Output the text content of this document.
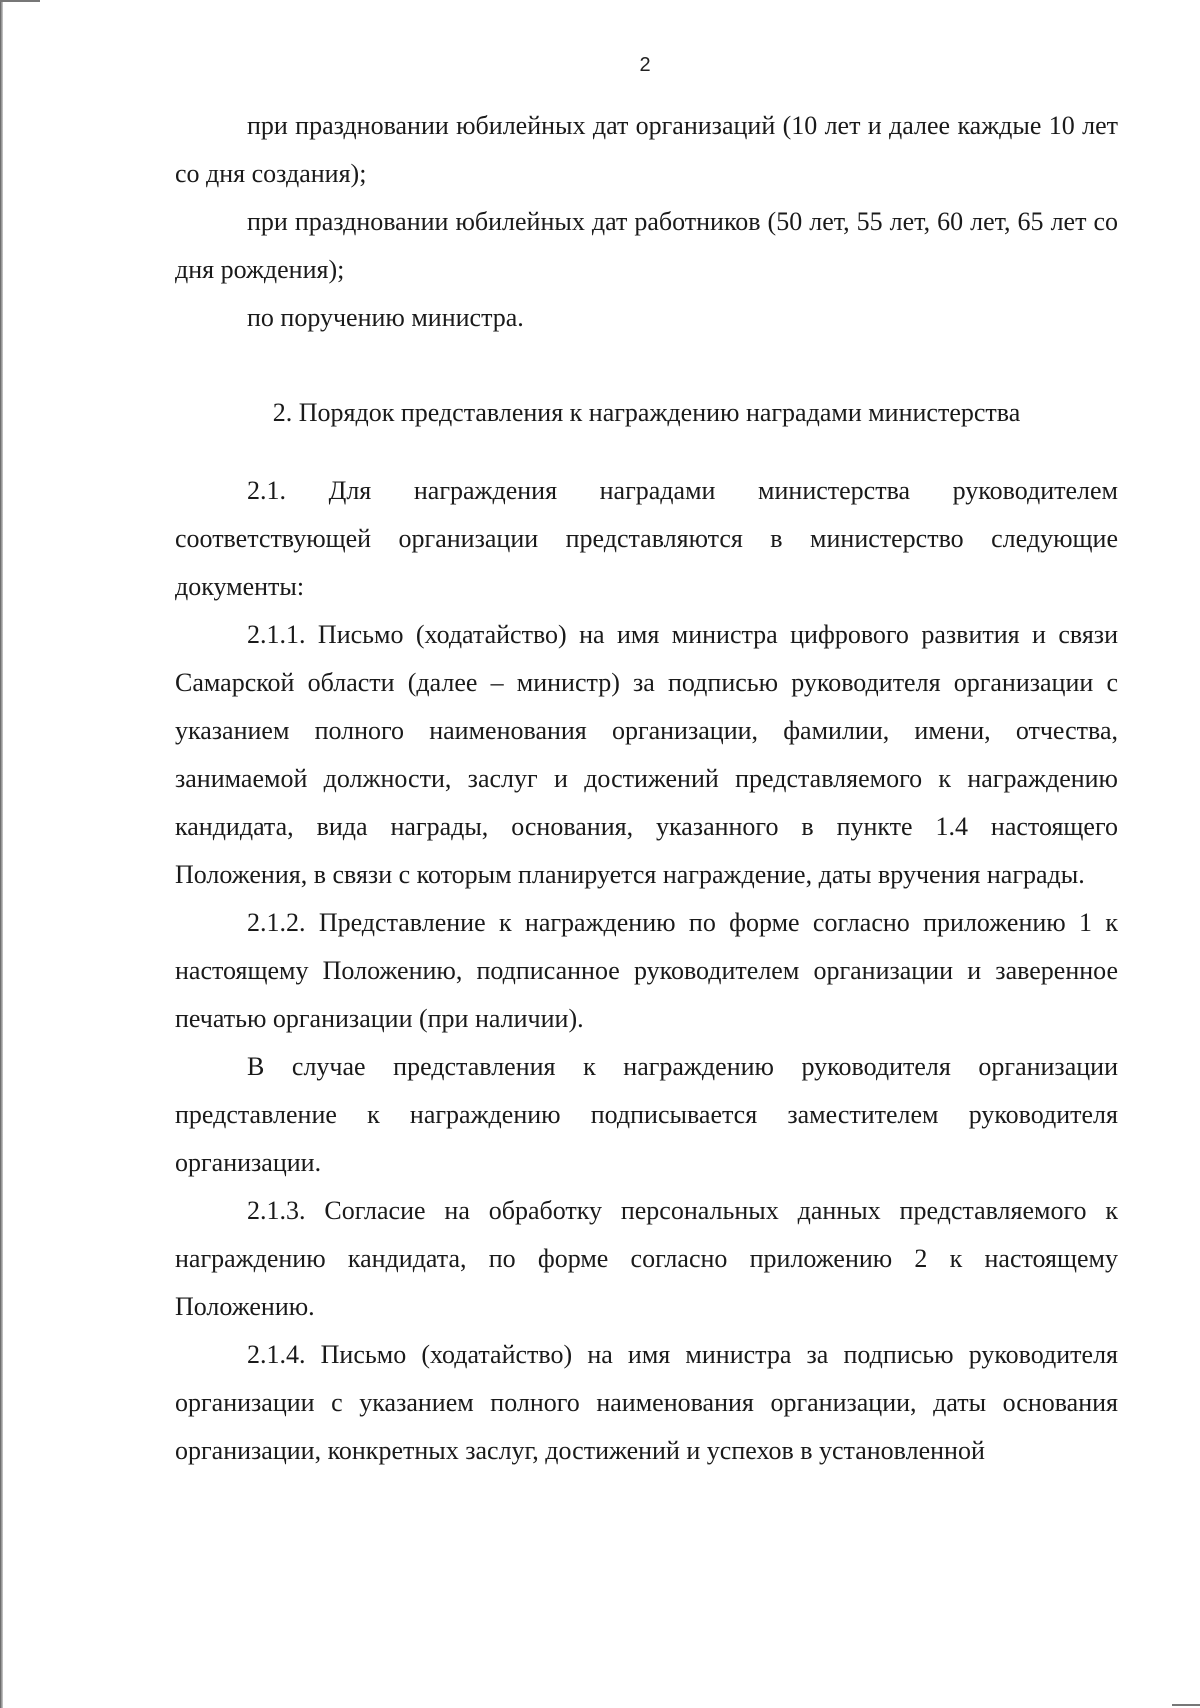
2

при праздновании юбилейных дат организаций (10 лет и далее каждые 10 лет со дня создания);

при праздновании юбилейных дат работников (50 лет, 55 лет, 60 лет, 65 лет со дня рождения);

по поручению министра.

2. Порядок представления к награждению наградами министерства

2.1. Для награждения наградами министерства руководителем соответствующей организации представляются в министерство следующие документы:

2.1.1. Письмо (ходатайство) на имя министра цифрового развития и связи Самарской области (далее – министр) за подписью руководителя организации с указанием полного наименования организации, фамилии, имени, отчества, занимаемой должности, заслуг и достижений представляемого к награждению кандидата, вида награды, основания, указанного в пункте 1.4 настоящего Положения, в связи с которым планируется награждение, даты вручения награды.

2.1.2. Представление к награждению по форме согласно приложению 1 к настоящему Положению, подписанное руководителем организации и заверенное печатью организации (при наличии).

В случае представления к награждению руководителя организации представление к награждению подписывается заместителем руководителя организации.

2.1.3. Согласие на обработку персональных данных представляемого к награждению кандидата, по форме согласно приложению 2 к настоящему Положению.

2.1.4. Письмо (ходатайство) на имя министра за подписью руководителя организации с указанием полного наименования организации, даты основания организации, конкретных заслуг, достижений и успехов в установленной
